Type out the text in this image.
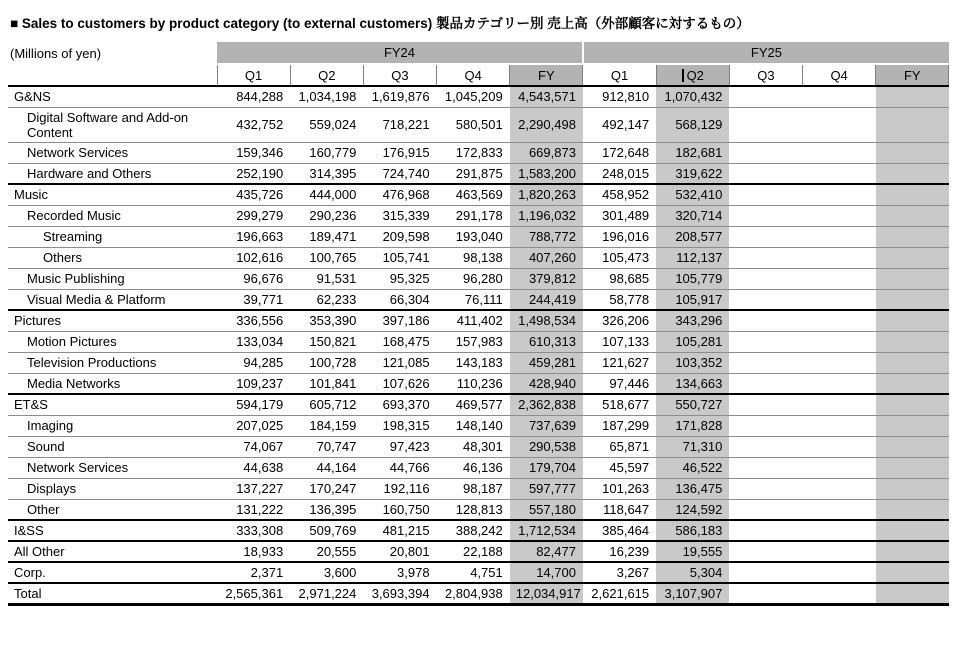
■ Sales to customers by product category (to external customers) 製品カテゴリー別 売上高（外部顧客に対するもの）
(Millions of yen)	FY24					FY25				
	Q1	Q2	Q3	Q4	FY	Q1	Q2	Q3	Q4	FY
G&NS	844,288	1,034,198	1,619,876	1,045,209	4,543,571	912,810	1,070,432			
Digital Software and Add-on Content	432,752	559,024	718,221	580,501	2,290,498	492,147	568,129			
Network Services	159,346	160,779	176,915	172,833	669,873	172,648	182,681			
Hardware and Others	252,190	314,395	724,740	291,875	1,583,200	248,015	319,622			
Music	435,726	444,000	476,968	463,569	1,820,263	458,952	532,410			
Recorded Music	299,279	290,236	315,339	291,178	1,196,032	301,489	320,714			
Streaming	196,663	189,471	209,598	193,040	788,772	196,016	208,577			
Others	102,616	100,765	105,741	98,138	407,260	105,473	112,137			
Music Publishing	96,676	91,531	95,325	96,280	379,812	98,685	105,779			
Visual Media & Platform	39,771	62,233	66,304	76,111	244,419	58,778	105,917			
Pictures	336,556	353,390	397,186	411,402	1,498,534	326,206	343,296			
Motion Pictures	133,034	150,821	168,475	157,983	610,313	107,133	105,281			
Television Productions	94,285	100,728	121,085	143,183	459,281	121,627	103,352			
Media Networks	109,237	101,841	107,626	110,236	428,940	97,446	134,663			
ET&S	594,179	605,712	693,370	469,577	2,362,838	518,677	550,727			
Imaging	207,025	184,159	198,315	148,140	737,639	187,299	171,828			
Sound	74,067	70,747	97,423	48,301	290,538	65,871	71,310			
Network Services	44,638	44,164	44,766	46,136	179,704	45,597	46,522			
Displays	137,227	170,247	192,116	98,187	597,777	101,263	136,475			
Other	131,222	136,395	160,750	128,813	557,180	118,647	124,592			
I&SS	333,308	509,769	481,215	388,242	1,712,534	385,464	586,183			
All Other	18,933	20,555	20,801	22,188	82,477	16,239	19,555			
Corp.	2,371	3,600	3,978	4,751	14,700	3,267	5,304			
Total	2,565,361	2,971,224	3,693,394	2,804,938	12,034,917	2,621,615	3,107,907			
